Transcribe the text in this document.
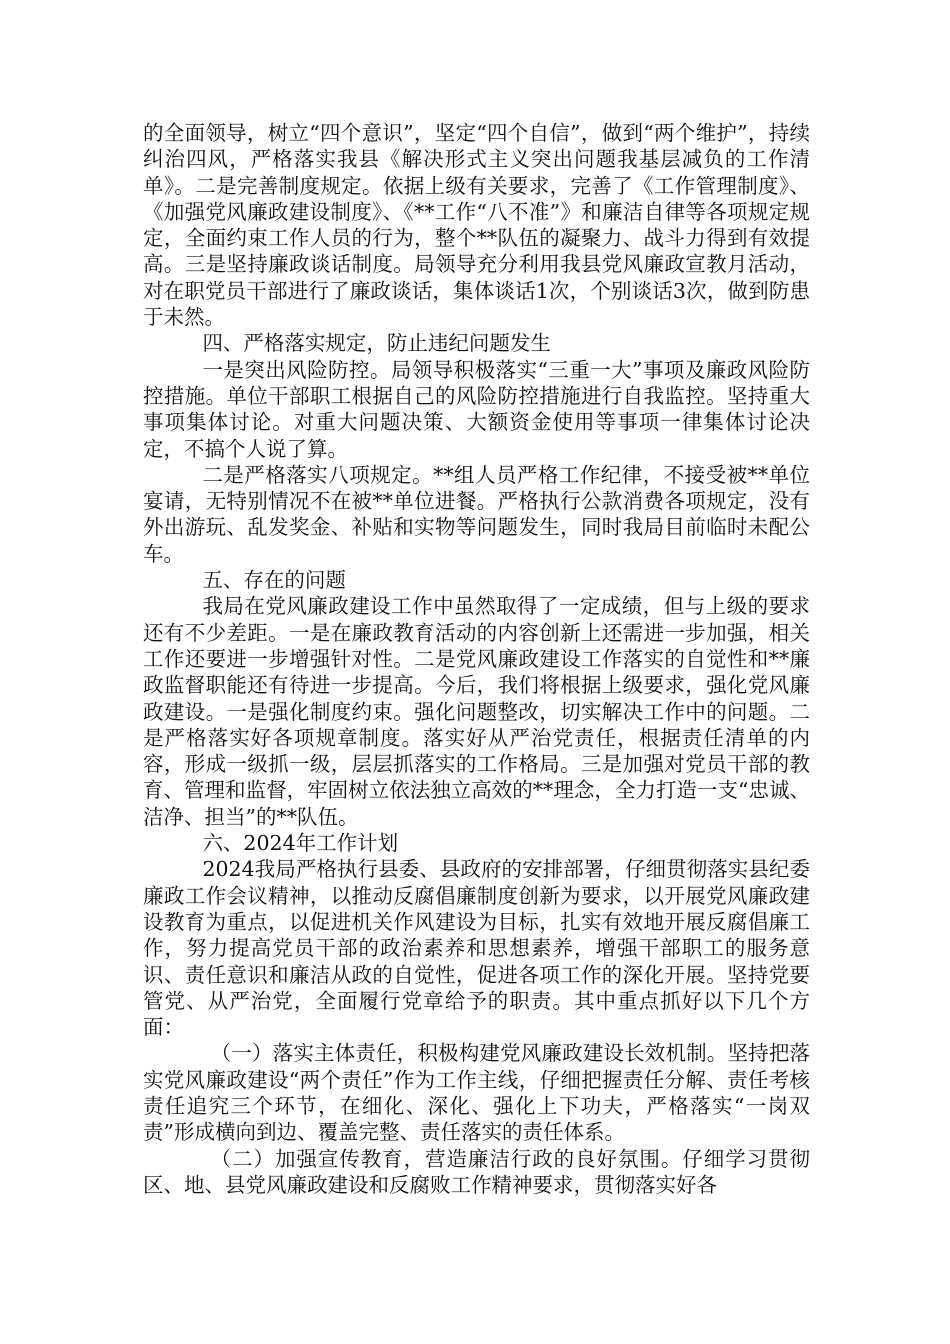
的全面领导，树立“四个意识”，坚定“四个自信”，做到“两个维护”，持续纠治四风，严格落实我县《解决形式主义突出问题我基层减负的工作清单》。二是完善制度规定。依据上级有关要求，完善了《工作管理制度》、《加强党风廉政建设制度》、《**工作“八不准”》和廉洁自律等各项规定规定，全面约束工作人员的行为，整个**队伍的凝聚力、战斗力得到有效提高。三是坚持廉政谈话制度。局领导充分利用我县党风廉政宣教月活动，对在职党员干部进行了廉政谈话，集体谈话1次，个别谈话3次，做到防患于未然。

四、严格落实规定，防止违纪问题发生

一是突出风险防控。局领导积极落实“三重一大”事项及廉政风险防控措施。单位干部职工根据自己的风险防控措施进行自我监控。坚持重大事项集体讨论。对重大问题决策、大额资金使用等事项一律集体讨论决定，不搞个人说了算。

二是严格落实八项规定。**组人员严格工作纪律，不接受被**单位宴请，无特别情况不在被**单位进餐。严格执行公款消费各项规定，没有外出游玩、乱发奖金、补贴和实物等问题发生，同时我局目前临时未配公车。

五、存在的问题

我局在党风廉政建设工作中虽然取得了一定成绩，但与上级的要求还有不少差距。一是在廉政教育活动的内容创新上还需进一步加强，相关工作还要进一步增强针对性。二是党风廉政建设工作落实的自觉性和**廉政监督职能还有待进一步提高。今后，我们将根据上级要求，强化党风廉政建设。一是强化制度约束。强化问题整改，切实解决工作中的问题。二是严格落实好各项规章制度。落实好从严治党责任，根据责任清单的内容，形成一级抓一级，层层抓落实的工作格局。三是加强对党员干部的教育、管理和监督，牢固树立依法独立高效的**理念，全力打造一支“忠诚、洁净、担当”的**队伍。

六、2024年工作计划

2024我局严格执行县委、县政府的安排部署，仔细贯彻落实县纪委廉政工作会议精神，以推动反腐倡廉制度创新为要求，以开展党风廉政建设教育为重点，以促进机关作风建设为目标，扎实有效地开展反腐倡廉工作，努力提高党员干部的政治素养和思想素养，增强干部职工的服务意识、责任意识和廉洁从政的自觉性，促进各项工作的深化开展。坚持党要管党、从严治党，全面履行党章给予的职责。其中重点抓好以下几个方面：

（一）落实主体责任，积极构建党风廉政建设长效机制。坚持把落实党风廉政建设“两个责任”作为工作主线，仔细把握责任分解、责任考核责任追究三个环节，在细化、深化、强化上下功夫，严格落实“一岗双责”形成横向到边、覆盖完整、责任落实的责任体系。

（二）加强宣传教育，营造廉洁行政的良好氛围。仔细学习贯彻区、地、县党风廉政建设和反腐败工作精神要求，贯彻落实好各
